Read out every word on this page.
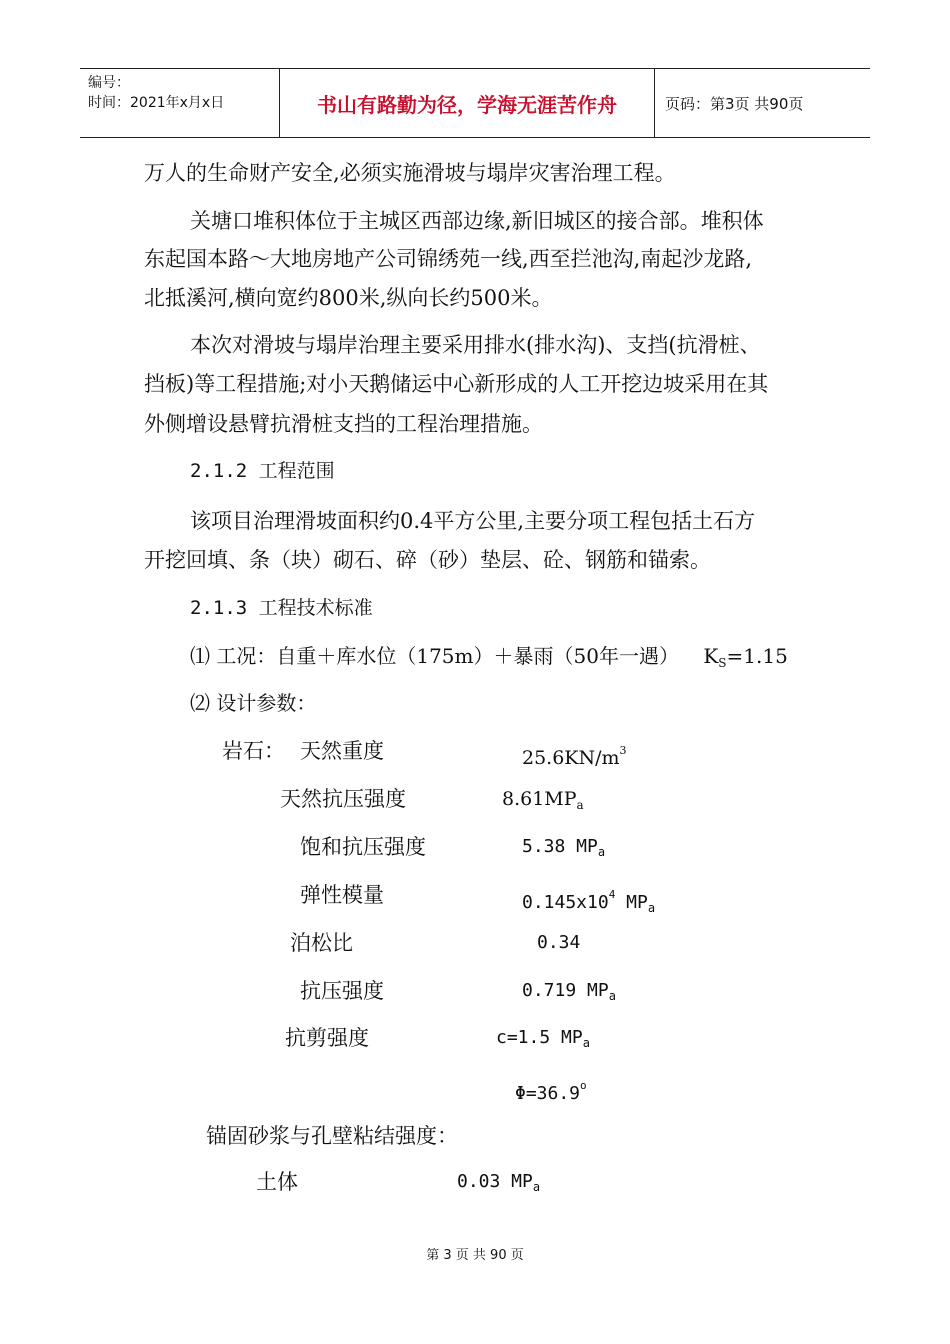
编号：
时间：2021年x月x日	书山有路勤为径，学海无涯苦作舟	页码：第3页 共90页
万人的生命财产安全,必须实施滑坡与塌岸灾害治理工程。
关塘口堆积体位于主城区西部边缘,新旧城区的接合部。堆积体
东起国本路～大地房地产公司锦绣苑一线,西至拦池沟,南起沙龙路,
北抵溪河,横向宽约800米,纵向长约500米。
本次对滑坡与塌岸治理主要采用排水(排水沟)、支挡(抗滑桩、
挡板)等工程措施;对小天鹅储运中心新形成的人工开挖边坡采用在其
外侧增设悬臂抗滑桩支挡的工程治理措施。
2.1.2 工程范围
该项目治理滑坡面积约0.4平方公里,主要分项工程包括土石方
开挖回填、条（块）砌石、碎（砂）垫层、砼、钢筋和锚索。
2.1.3 工程技术标准
⑴ 工况：自重＋库水位（175m）＋暴雨（50年一遇） $K_S=1.15$
⑵ 设计参数：
岩石： 天然重度	$25.6KN/m^3$
天然抗压强度	$8.61MP_a$
饱和抗压强度	5.38 $MP_a$
弹性模量	$0.145x10^4$ $MP_a$
泊松比	0.34
抗压强度	0.719 $MP_a$
抗剪强度	c=1.5 $MP_a$
$\Phi=36.9^o$
锚固砂浆与孔壁粘结强度：
土体	0.03 $MP_a$
第 3 页 共 90 页
